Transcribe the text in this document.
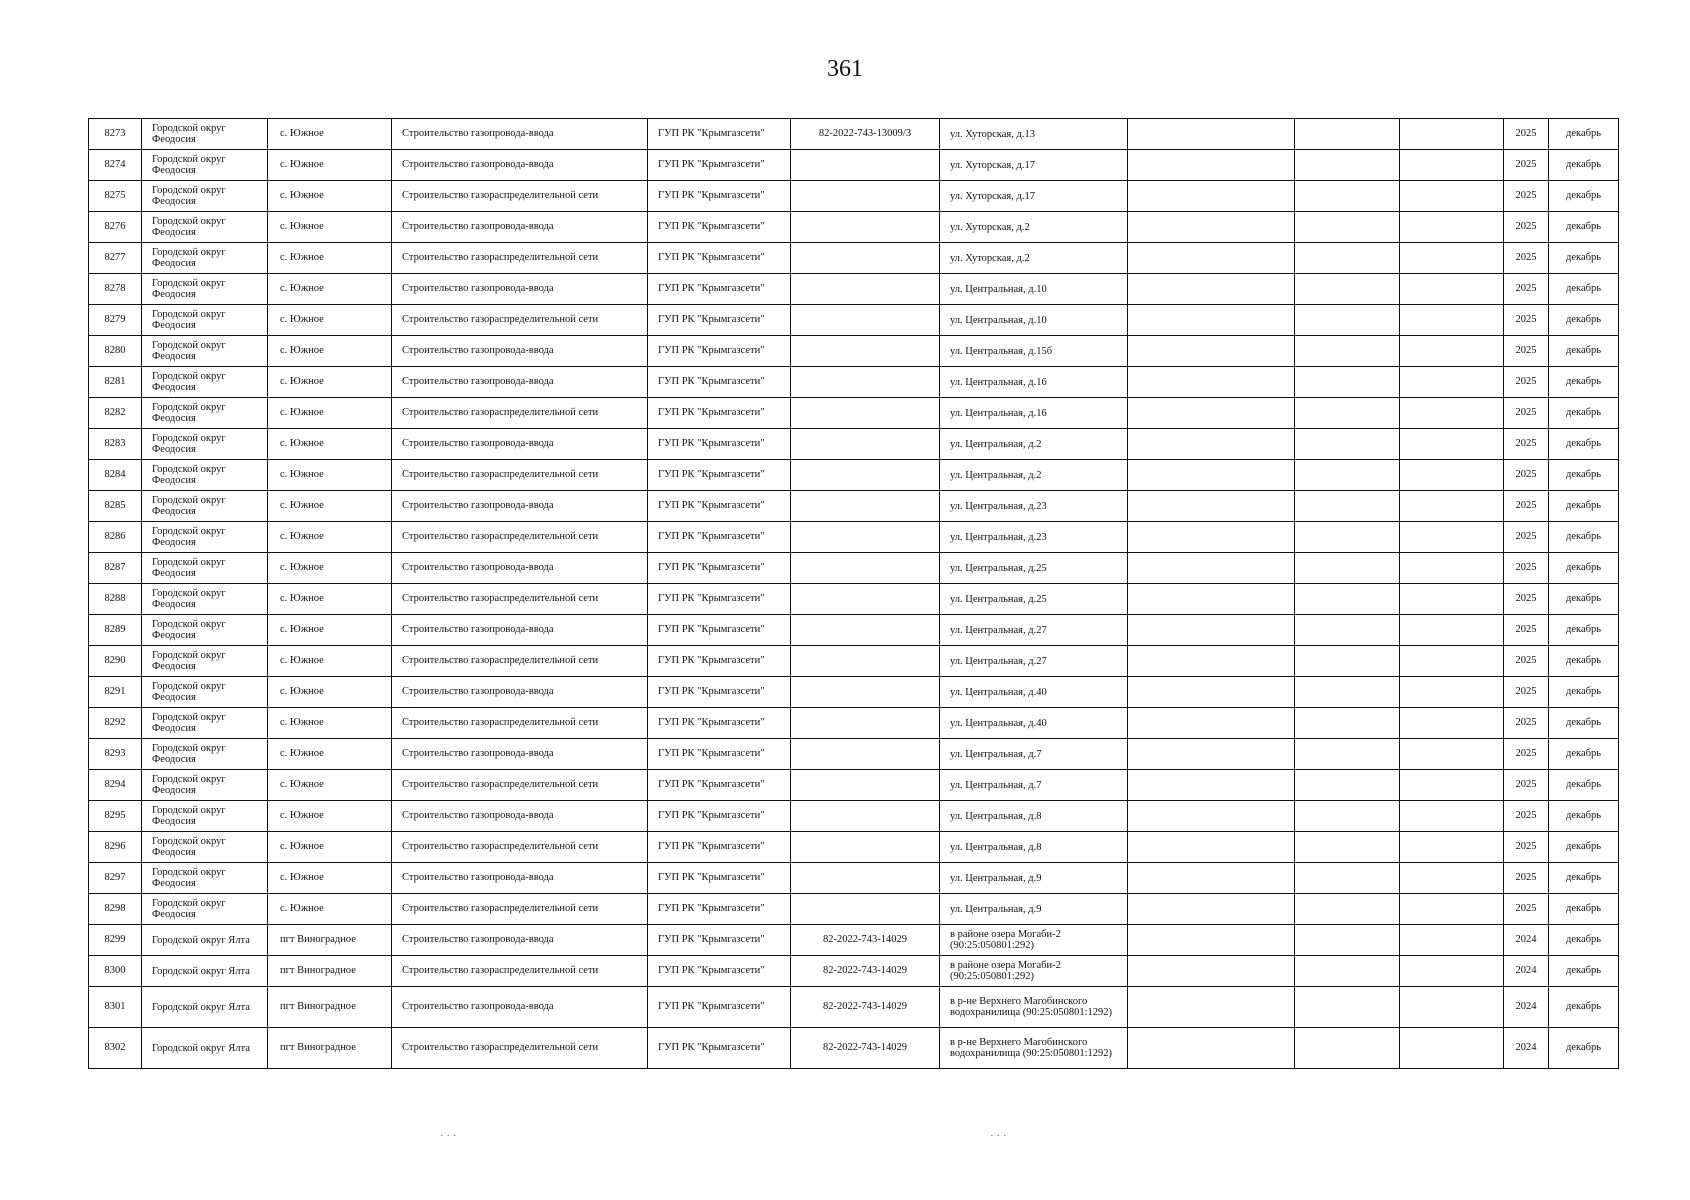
361
8273	Городской округ Феодосия	с. Южное	Строительство газопровода-ввода	ГУП РК "Крымгазсети"	82-2022-743-13009/3	ул. Хуторская, д.13				2025	декабрь
8274	Городской округ Феодосия	с. Южное	Строительство газопровода-ввода	ГУП РК "Крымгазсети"		ул. Хуторская, д.17				2025	декабрь
8275	Городской округ Феодосия	с. Южное	Строительство газораспределительной сети	ГУП РК "Крымгазсети"		ул. Хуторская, д.17				2025	декабрь
8276	Городской округ Феодосия	с. Южное	Строительство газопровода-ввода	ГУП РК "Крымгазсети"		ул. Хуторская, д.2				2025	декабрь
8277	Городской округ Феодосия	с. Южное	Строительство газораспределительной сети	ГУП РК "Крымгазсети"		ул. Хуторская, д.2				2025	декабрь
8278	Городской округ Феодосия	с. Южное	Строительство газопровода-ввода	ГУП РК "Крымгазсети"		ул. Центральная, д.10				2025	декабрь
8279	Городской округ Феодосия	с. Южное	Строительство газораспределительной сети	ГУП РК "Крымгазсети"		ул. Центральная, д.10				2025	декабрь
8280	Городской округ Феодосия	с. Южное	Строительство газопровода-ввода	ГУП РК "Крымгазсети"		ул. Центральная, д.15б				2025	декабрь
8281	Городской округ Феодосия	с. Южное	Строительство газопровода-ввода	ГУП РК "Крымгазсети"		ул. Центральная, д.16				2025	декабрь
8282	Городской округ Феодосия	с. Южное	Строительство газораспределительной сети	ГУП РК "Крымгазсети"		ул. Центральная, д.16				2025	декабрь
8283	Городской округ Феодосия	с. Южное	Строительство газопровода-ввода	ГУП РК "Крымгазсети"		ул. Центральная, д.2				2025	декабрь
8284	Городской округ Феодосия	с. Южное	Строительство газораспределительной сети	ГУП РК "Крымгазсети"		ул. Центральная, д.2				2025	декабрь
8285	Городской округ Феодосия	с. Южное	Строительство газопровода-ввода	ГУП РК "Крымгазсети"		ул. Центральная, д.23				2025	декабрь
8286	Городской округ Феодосия	с. Южное	Строительство газораспределительной сети	ГУП РК "Крымгазсети"		ул. Центральная, д.23				2025	декабрь
8287	Городской округ Феодосия	с. Южное	Строительство газопровода-ввода	ГУП РК "Крымгазсети"		ул. Центральная, д.25				2025	декабрь
8288	Городской округ Феодосия	с. Южное	Строительство газораспределительной сети	ГУП РК "Крымгазсети"		ул. Центральная, д.25				2025	декабрь
8289	Городской округ Феодосия	с. Южное	Строительство газопровода-ввода	ГУП РК "Крымгазсети"		ул. Центральная, д.27				2025	декабрь
8290	Городской округ Феодосия	с. Южное	Строительство газораспределительной сети	ГУП РК "Крымгазсети"		ул. Центральная, д.27				2025	декабрь
8291	Городской округ Феодосия	с. Южное	Строительство газопровода-ввода	ГУП РК "Крымгазсети"		ул. Центральная, д.40				2025	декабрь
8292	Городской округ Феодосия	с. Южное	Строительство газораспределительной сети	ГУП РК "Крымгазсети"		ул. Центральная, д.40				2025	декабрь
8293	Городской округ Феодосия	с. Южное	Строительство газопровода-ввода	ГУП РК "Крымгазсети"		ул. Центральная, д.7				2025	декабрь
8294	Городской округ Феодосия	с. Южное	Строительство газораспределительной сети	ГУП РК "Крымгазсети"		ул. Центральная, д.7				2025	декабрь
8295	Городской округ Феодосия	с. Южное	Строительство газопровода-ввода	ГУП РК "Крымгазсети"		ул. Центральная, д.8				2025	декабрь
8296	Городской округ Феодосия	с. Южное	Строительство газораспределительной сети	ГУП РК "Крымгазсети"		ул. Центральная, д.8				2025	декабрь
8297	Городской округ Феодосия	с. Южное	Строительство газопровода-ввода	ГУП РК "Крымгазсети"		ул. Центральная, д.9				2025	декабрь
8298	Городской округ Феодосия	с. Южное	Строительство газораспределительной сети	ГУП РК "Крымгазсети"		ул. Центральная, д.9				2025	декабрь
8299	Городской округ Ялта	пгт Виноградное	Строительство газопровода-ввода	ГУП РК "Крымгазсети"	82-2022-743-14029	в районе озера Могаби-2 (90:25:050801:292)				2024	декабрь
8300	Городской округ Ялта	пгт Виноградное	Строительство газораспределительной сети	ГУП РК "Крымгазсети"	82-2022-743-14029	в районе озера Могаби-2 (90:25:050801:292)				2024	декабрь
8301	Городской округ Ялта	пгт Виноградное	Строительство газопровода-ввода	ГУП РК "Крымгазсети"	82-2022-743-14029	в р-не Верхнего Магобинского водохранилища (90:25:050801:1292)				2024	декабрь
8302	Городской округ Ялта	пгт Виноградное	Строительство газораспределительной сети	ГУП РК "Крымгазсети"	82-2022-743-14029	в р-не Верхнего Магобинского водохранилища (90:25:050801:1292)				2024	декабрь
· · ·	· · ·
